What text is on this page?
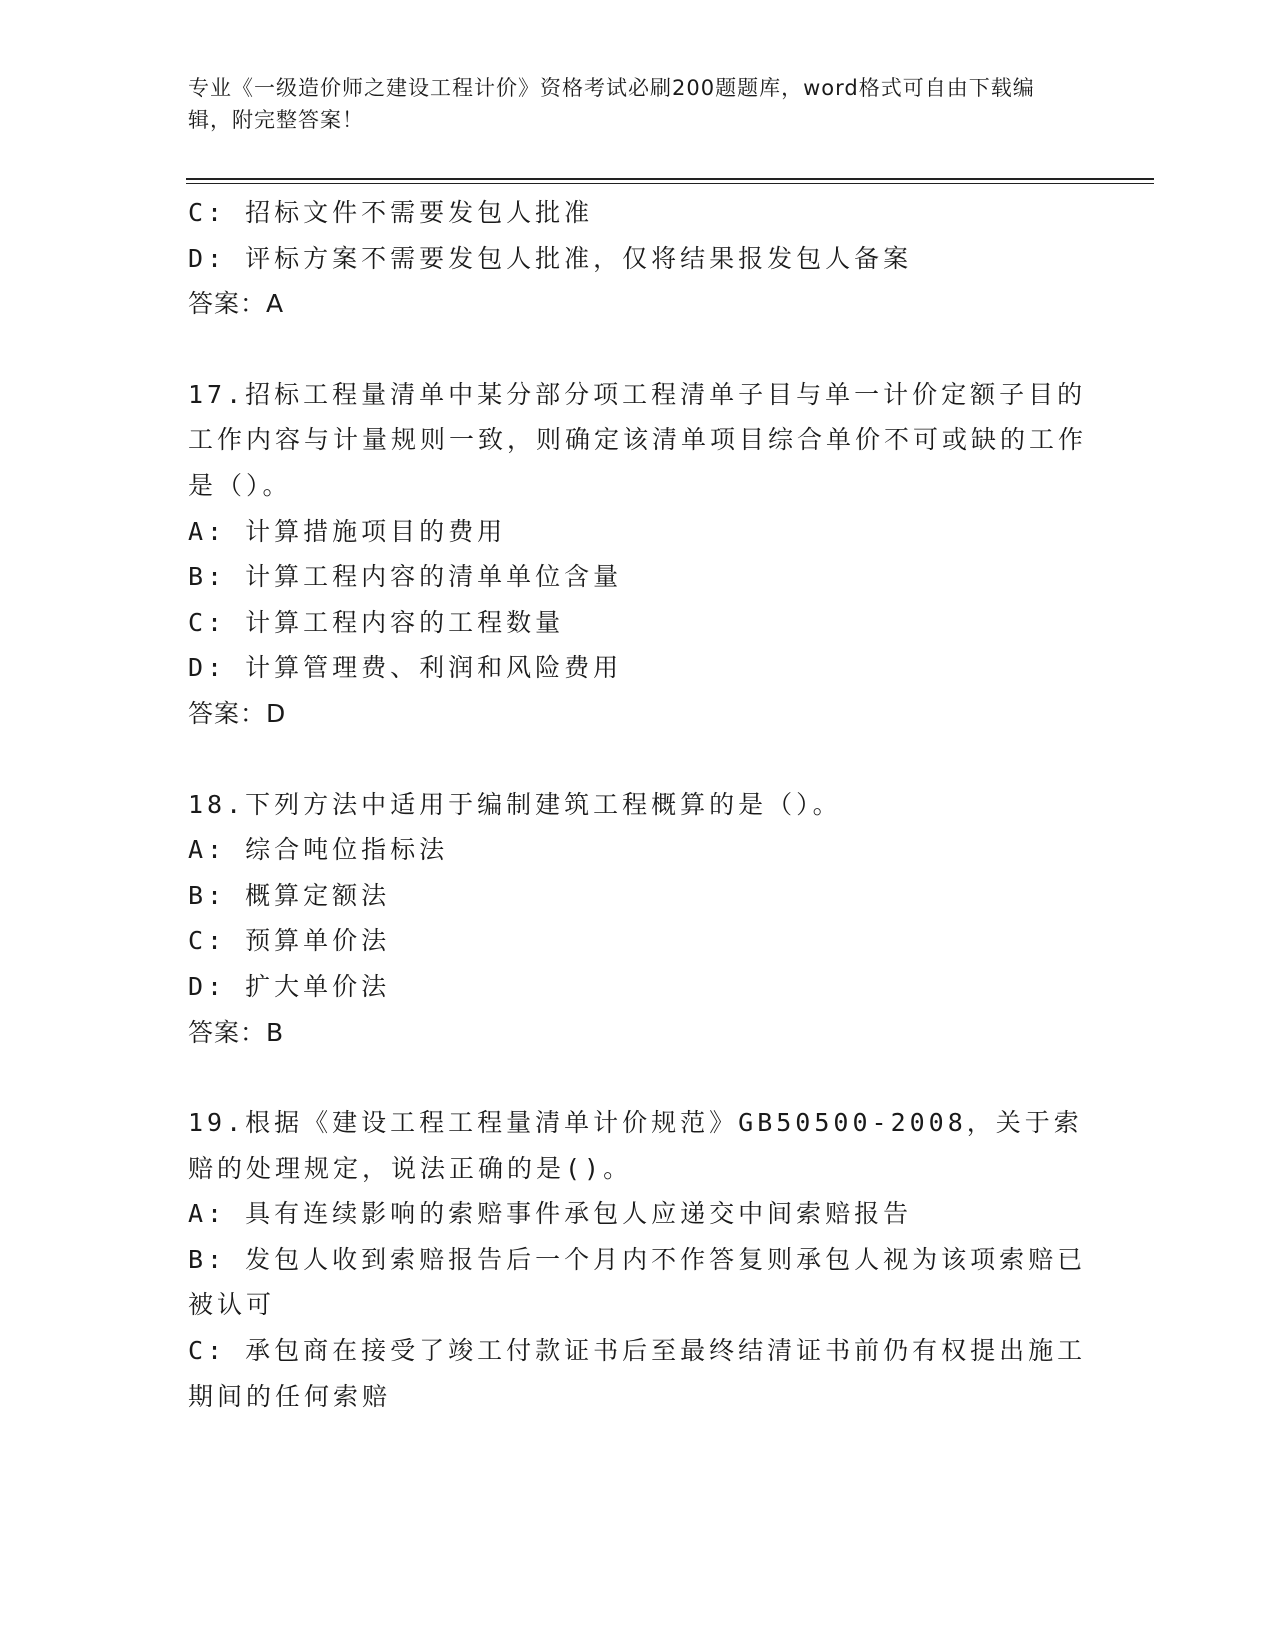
专业《一级造价师之建设工程计价》资格考试必刷200题题库，word格式可自由下载编辑，附完整答案！

C: 招标文件不需要发包人批准

D: 评标方案不需要发包人批准，仅将结果报发包人备案

答案：A

17.招标工程量清单中某分部分项工程清单子目与单一计价定额子目的工作内容与计量规则一致，则确定该清单项目综合单价不可或缺的工作是（）。

A: 计算措施项目的费用

B: 计算工程内容的清单单位含量

C: 计算工程内容的工程数量

D: 计算管理费、利润和风险费用

答案：D

18.下列方法中适用于编制建筑工程概算的是（）。

A: 综合吨位指标法

B: 概算定额法

C: 预算单价法

D: 扩大单价法

答案：B

19.根据《建设工程工程量清单计价规范》GB50500-2008，关于索赔的处理规定，说法正确的是()。

A: 具有连续影响的索赔事件承包人应递交中间索赔报告

B: 发包人收到索赔报告后一个月内不作答复则承包人视为该项索赔已被认可

C: 承包商在接受了竣工付款证书后至最终结清证书前仍有权提出施工期间的任何索赔
